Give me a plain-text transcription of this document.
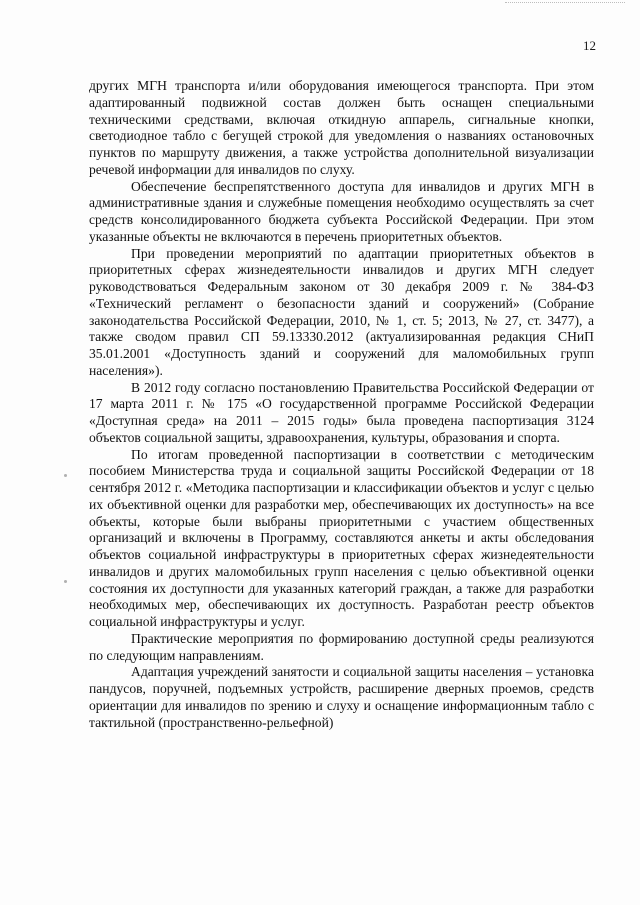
12

других МГН транспорта и/или оборудования имеющегося транспорта. При этом адаптированный подвижной состав должен быть оснащен специальными техническими средствами, включая откидную аппарель, сигнальные кнопки, светодиодное табло с бегущей строкой для уведомления о названиях остановочных пунктов по маршруту движения, а также устройства дополнительной визуализации речевой информации для инвалидов по слуху.

Обеспечение беспрепятственного доступа для инвалидов и других МГН в административные здания и служебные помещения необходимо осуществлять за счет средств консолидированного бюджета субъекта Российской Федерации. При этом указанные объекты не включаются в перечень приоритетных объектов.

При проведении мероприятий по адаптации приоритетных объектов в приоритетных сферах жизнедеятельности инвалидов и других МГН следует руководствоваться Федеральным законом от 30 декабря 2009 г. № 384-ФЗ «Технический регламент о безопасности зданий и сооружений» (Собрание законодательства Российской Федерации, 2010, № 1, ст. 5; 2013, № 27, ст. 3477), а также сводом правил СП 59.13330.2012 (актуализированная редакция СНиП 35.01.2001 «Доступность зданий и сооружений для маломобильных групп населения»).

В 2012 году согласно постановлению Правительства Российской Федерации от 17 марта 2011 г. № 175 «О государственной программе Российской Федерации «Доступная среда» на 2011 – 2015 годы» была проведена паспортизация 3124 объектов социальной защиты, здравоохранения, культуры, образования и спорта.

По итогам проведенной паспортизации в соответствии с методическим пособием Министерства труда и социальной защиты Российской Федерации от 18 сентября 2012 г. «Методика паспортизации и классификации объектов и услуг с целью их объективной оценки для разработки мер, обеспечивающих их доступность» на все объекты, которые были выбраны приоритетными с участием общественных организаций и включены в Программу, составляются анкеты и акты обследования объектов социальной инфраструктуры в приоритетных сферах жизнедеятельности инвалидов и других маломобильных групп населения с целью объективной оценки состояния их доступности для указанных категорий граждан, а также для разработки необходимых мер, обеспечивающих их доступность. Разработан реестр объектов социальной инфраструктуры и услуг.

Практические мероприятия по формированию доступной среды реализуются по следующим направлениям.

Адаптация учреждений занятости и социальной защиты населения – установка пандусов, поручней, подъемных устройств, расширение дверных проемов, средств ориентации для инвалидов по зрению и слуху и оснащение информационным табло с тактильной (пространственно-рельефной)
